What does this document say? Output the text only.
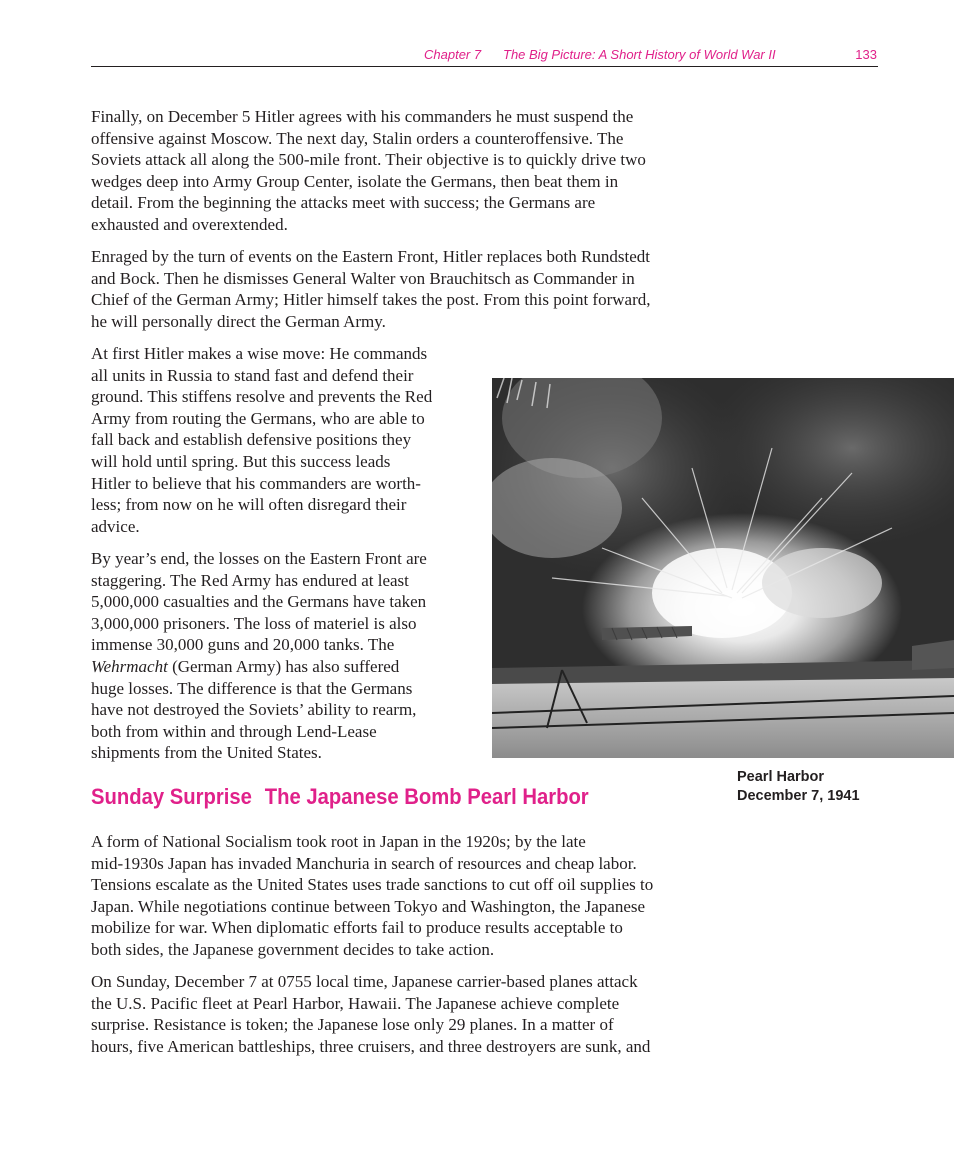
Chapter 7 The Big Picture: A Short History of World War II	133

Finally, on December 5 Hitler agrees with his commanders he must suspend the
offensive against Moscow. The next day, Stalin orders a counteroffensive. The
Soviets attack all along the 500-mile front. Their objective is to quickly drive two
wedges deep into Army Group Center, isolate the Germans, then beat them in
detail. From the beginning the attacks meet with success; the Germans are
exhausted and overextended.

Enraged by the turn of events on the Eastern Front, Hitler replaces both Rundstedt
and Bock. Then he dismisses General Walter von Brauchitsch as Commander in
Chief of the German Army; Hitler himself takes the post. From this point forward,
he will personally direct the German Army.

At first Hitler makes a wise move: He commands
all units in Russia to stand fast and defend their
ground. This stiffens resolve and prevents the Red
Army from routing the Germans, who are able to
fall back and establish defensive positions they
will hold until spring. But this success leads
Hitler to believe that his commanders are worth-
less; from now on he will often disregard their
advice.

By year’s end, the losses on the Eastern Front are
staggering. The Red Army has endured at least
5,000,000 casualties and the Germans have taken
3,000,000 prisoners. The loss of materiel is also
immense 30,000 guns and 20,000 tanks. The
Wehrmacht (German Army) has also suffered
huge losses. The difference is that the Germans
have not destroyed the Soviets’ ability to rearm,
both from within and through Lend-Lease
shipments from the United States.

Pearl Harbor
December 7, 1941
Sunday Surprise The Japanese Bomb Pearl Harbor

A form of National Socialism took root in Japan in the 1920s; by the late
mid-1930s Japan has invaded Manchuria in search of resources and cheap labor.
Tensions escalate as the United States uses trade sanctions to cut off oil supplies to
Japan. While negotiations continue between Tokyo and Washington, the Japanese
mobilize for war. When diplomatic efforts fail to produce results acceptable to
both sides, the Japanese government decides to take action.

On Sunday, December 7 at 0755 local time, Japanese carrier-based planes attack
the U.S. Pacific fleet at Pearl Harbor, Hawaii. The Japanese achieve complete
surprise. Resistance is token; the Japanese lose only 29 planes. In a matter of
hours, five American battleships, three cruisers, and three destroyers are sunk, and
